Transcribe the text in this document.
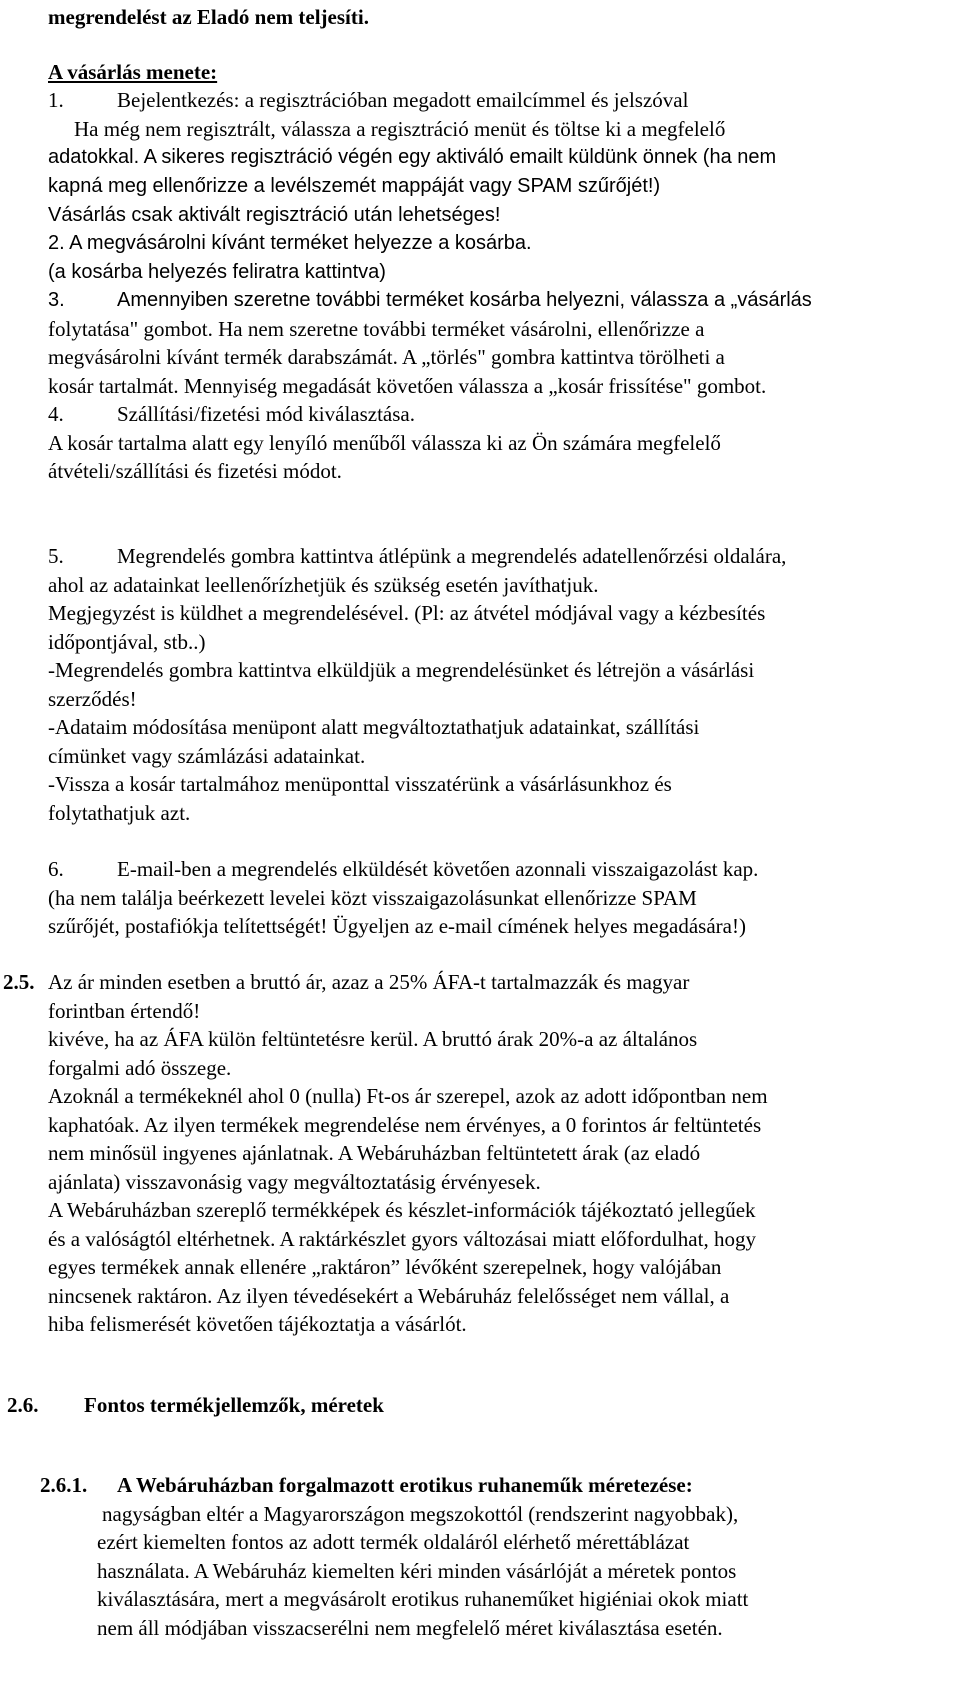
megrendelést az Eladó nem teljesíti.
A vásárlás menete:
1.	Bejelentkezés: a regisztrációban megadott emailcímmel és jelszóval
Ha még nem regisztrált, válassza a regisztráció menüt és töltse ki a megfelelő
adatokkal. A sikeres regisztráció végén egy aktiváló emailt küldünk önnek (ha nem
kapná meg ellenőrizze a levélszemét mappáját vagy SPAM szűrőjét!)
Vásárlás csak aktivált regisztráció után lehetséges!
2. A megvásárolni kívánt terméket helyezze a kosárba.
(a kosárba helyezés feliratra kattintva)
3.	Amennyiben szeretne további terméket kosárba helyezni, válassza a „vásárlás
folytatása" gombot. Ha nem szeretne további terméket vásárolni, ellenőrizze a
megvásárolni kívánt termék darabszámát. A „törlés" gombra kattintva törölheti a
kosár tartalmát. Mennyiség megadását követően válassza a „kosár frissítése" gombot.
4.	Szállítási/fizetési mód kiválasztása.
A kosár tartalma alatt egy lenyíló menűből válassza ki az Ön számára megfelelő
átvételi/szállítási és fizetési módot.
5.	Megrendelés gombra kattintva átlépünk a megrendelés adatellenőrzési oldalára,
ahol az adatainkat leellenőrízhetjük és szükség esetén javíthatjuk.
Megjegyzést is küldhet a megrendelésével. (Pl: az átvétel módjával vagy a kézbesítés
időpontjával, stb..)
-Megrendelés gombra kattintva elküldjük a megrendelésünket és létrejön a vásárlási
szerződés!
-Adataim módosítása menüpont alatt megváltoztathatjuk adatainkat, szállítási
címünket vagy számlázási adatainkat.
-Vissza a kosár tartalmához menüponttal visszatérünk a vásárlásunkhoz és
folytathatjuk azt.
6.	E-mail-ben a megrendelés elküldését követően azonnali visszaigazolást kap.
(ha nem találja beérkezett levelei közt visszaigazolásunkat ellenőrizze SPAM
szűrőjét, postafiókja telítettségét! Ügyeljen az e-mail címének helyes megadására!)
2.5. Az ár minden esetben a bruttó ár, azaz a 25% ÁFA-t tartalmazzák és magyar
forintban értendő!
kivéve, ha az ÁFA külön feltüntetésre kerül. A bruttó árak 20%-a az általános
forgalmi adó összege.
Azoknál a termékeknél ahol 0 (nulla) Ft-os ár szerepel, azok az adott időpontban nem
kaphatóak. Az ilyen termékek megrendelése nem érvényes, a 0 forintos ár feltüntetés
nem minősül ingyenes ajánlatnak. A Webáruházban feltüntetett árak (az eladó
ajánlata) visszavonásig vagy megváltoztatásig érvényesek.
A Webáruházban szereplő termékképek és készlet-információk tájékoztató jellegűek
és a valóságtól eltérhetnek. A raktárkészlet gyors változásai miatt előfordulhat, hogy
egyes termékek annak ellenére „raktáron” lévőként szerepelnek, hogy valójában
nincsenek raktáron. Az ilyen tévedésekért a Webáruház felelősséget nem vállal, a
hiba felismerését követően tájékoztatja a vásárlót.
2.6. Fontos termékjellemzők, méretek
2.6.1. A Webáruházban forgalmazott erotikus ruhaneműk méretezése:
nagyságban eltér a Magyarországon megszokottól (rendszerint nagyobbak),
ezért kiemelten fontos az adott termék oldaláról elérhető mérettáblázat
használata. A Webáruház kiemelten kéri minden vásárlóját a méretek pontos
kiválasztására, mert a megvásárolt erotikus ruhaneműket higiéniai okok miatt
nem áll módjában visszacserélni nem megfelelő méret kiválasztása esetén.
